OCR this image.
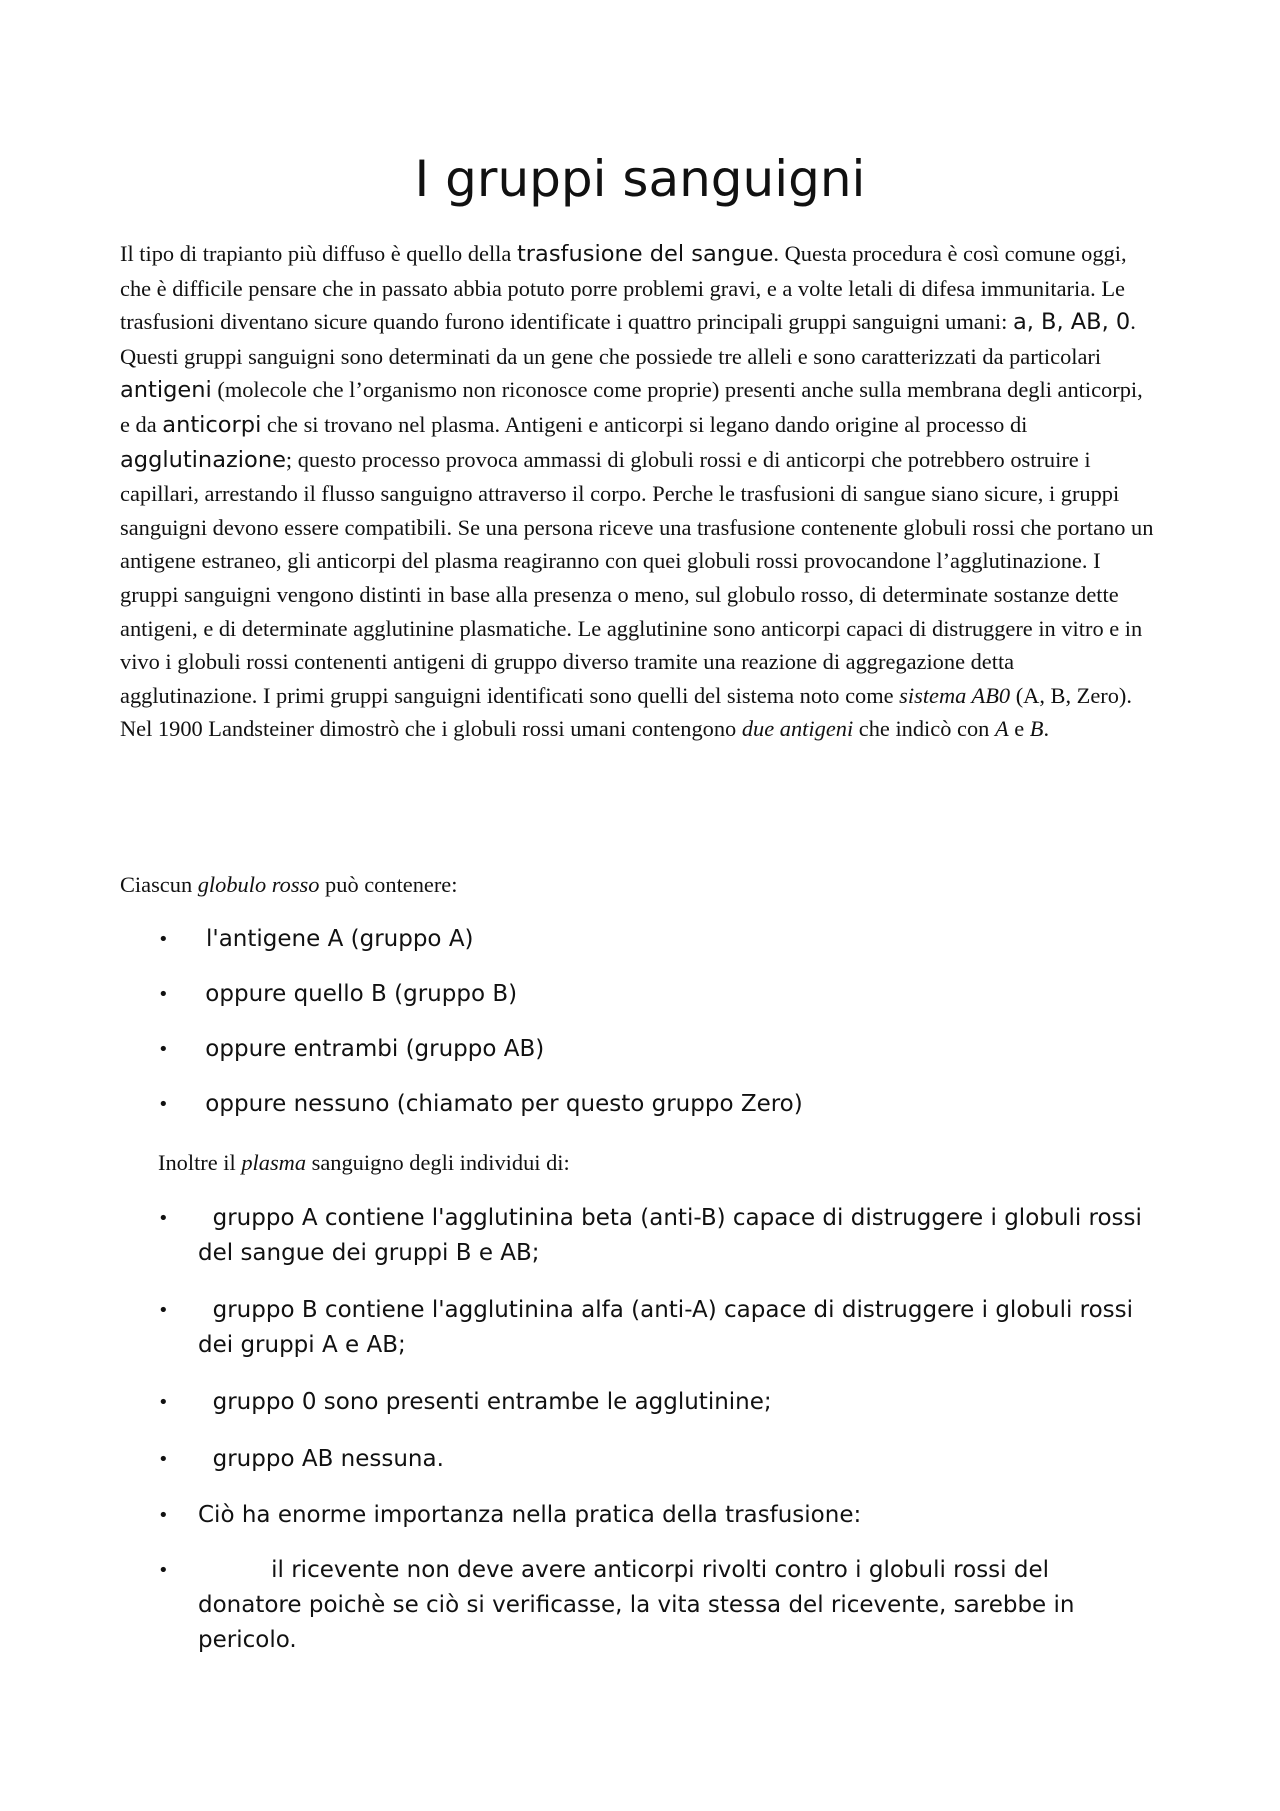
I gruppi sanguigni

Il tipo di trapianto più diffuso è quello della trasfusione del sangue. Questa procedura è così comune oggi, che è difficile pensare che in passato abbia potuto porre problemi gravi, e a volte letali di difesa immunitaria. Le trasfusioni diventano sicure quando furono identificate i quattro principali gruppi sanguigni umani: a, B, AB, 0. Questi gruppi sanguigni sono determinati da un gene che possiede tre alleli e sono caratterizzati da particolari antigeni (molecole che l’organismo non riconosce come proprie) presenti anche sulla membrana degli anticorpi, e da anticorpi che si trovano nel plasma. Antigeni e anticorpi si legano dando origine al processo di agglutinazione; questo processo provoca ammassi di globuli rossi e di anticorpi che potrebbero ostruire i capillari, arrestando il flusso sanguigno attraverso il corpo. Perche le trasfusioni di sangue siano sicure, i gruppi sanguigni devono essere compatibili. Se una persona riceve una trasfusione contenente globuli rossi che portano un antigene estraneo, gli anticorpi del plasma reagiranno con quei globuli rossi provocandone l’agglutinazione. I gruppi sanguigni vengono distinti in base alla presenza o meno, sul globulo rosso, di determinate sostanze dette antigeni, e di determinate agglutinine plasmatiche. Le agglutinine sono anticorpi capaci di distruggere in vitro e in vivo i globuli rossi contenenti antigeni di gruppo diverso tramite una reazione di aggregazione detta agglutinazione. I primi gruppi sanguigni identificati sono quelli del sistema noto come sistema AB0 (A, B, Zero). Nel 1900 Landsteiner dimostrò che i globuli rossi umani contengono due antigeni che indicò con A e B.

Ciascun globulo rosso può contenere:

• l'antigene A (gruppo A)
• oppure quello B (gruppo B)
• oppure entrambi (gruppo AB)
• oppure nessuno (chiamato per questo gruppo Zero)

Inoltre il plasma sanguigno degli individui di:

• gruppo A contiene l'agglutinina beta (anti-B) capace di distruggere i globuli rossi del sangue dei gruppi B e AB;
• gruppo B contiene l'agglutinina alfa (anti-A) capace di distruggere i globuli rossi dei gruppi A e AB;
• gruppo 0 sono presenti entrambe le agglutinine;
• gruppo AB nessuna.
• Ciò ha enorme importanza nella pratica della trasfusione:
• il ricevente non deve avere anticorpi rivolti contro i globuli rossi del donatore poichè se ciò si verificasse, la vita stessa del ricevente, sarebbe in pericolo.
